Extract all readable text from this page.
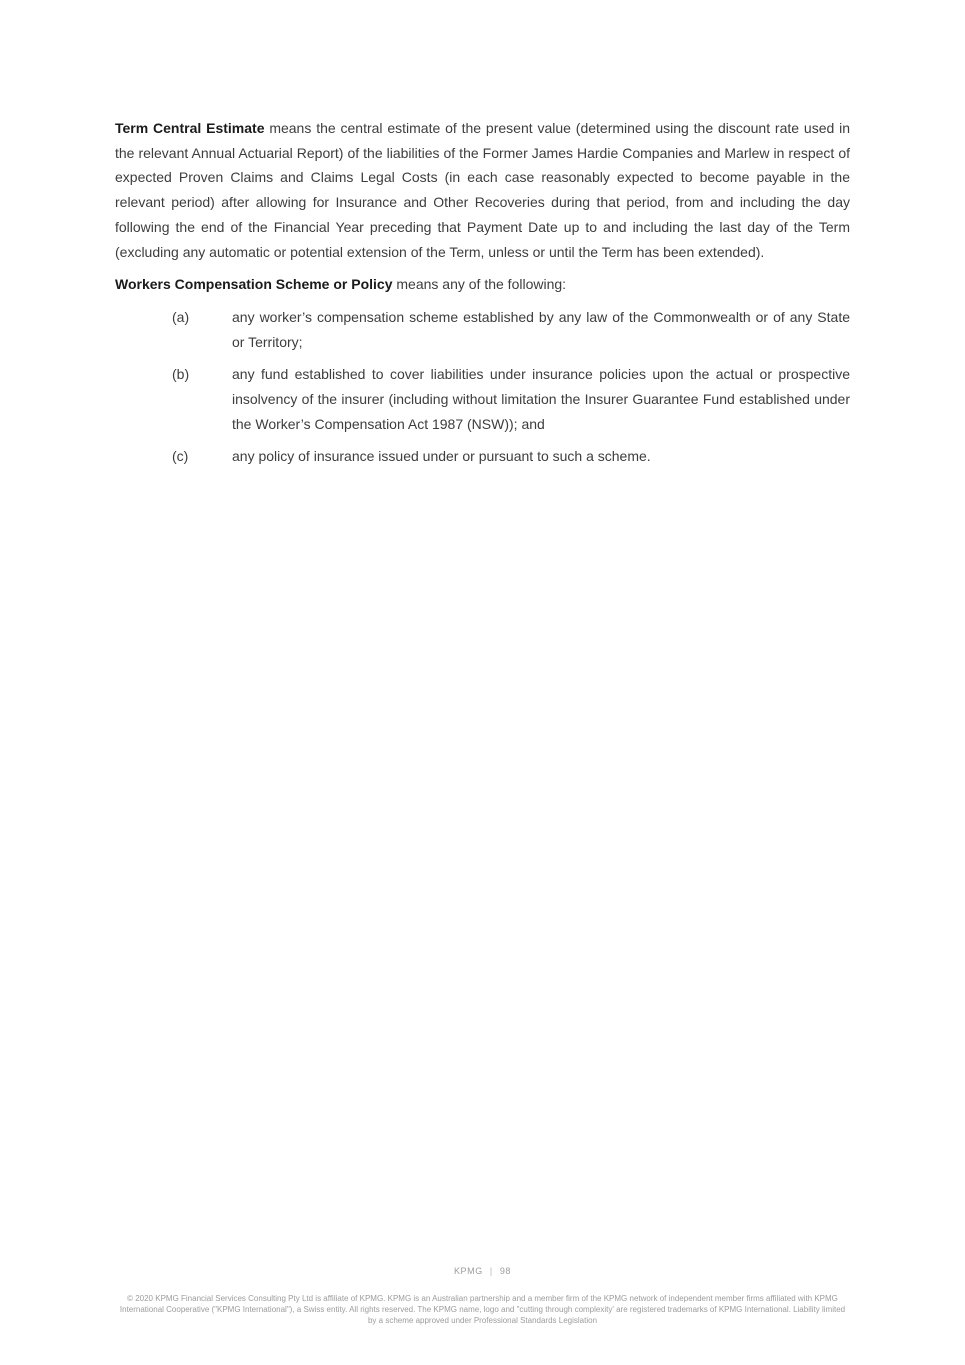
Term Central Estimate means the central estimate of the present value (determined using the discount rate used in the relevant Annual Actuarial Report) of the liabilities of the Former James Hardie Companies and Marlew in respect of expected Proven Claims and Claims Legal Costs (in each case reasonably expected to become payable in the relevant period) after allowing for Insurance and Other Recoveries during that period, from and including the day following the end of the Financial Year preceding that Payment Date up to and including the last day of the Term (excluding any automatic or potential extension of the Term, unless or until the Term has been extended).

Workers Compensation Scheme or Policy means any of the following:

(a)	any worker’s compensation scheme established by any law of the Commonwealth or of any State or Territory;
(b)	any fund established to cover liabilities under insurance policies upon the actual or prospective insolvency of the insurer (including without limitation the Insurer Guarantee Fund established under the Worker’s Compensation Act 1987 (NSW)); and
(c)	any policy of insurance issued under or pursuant to such a scheme.
KPMG | 98

© 2020 KPMG Financial Services Consulting Pty Ltd is affiliate of KPMG. KPMG is an Australian partnership and a member firm of the KPMG network of independent member firms affiliated with KPMG International Cooperative ("KPMG International"), a Swiss entity. All rights reserved. The KPMG name, logo and "cutting through complexity' are registered trademarks of KPMG International. Liability limited by a scheme approved under Professional Standards Legislation
